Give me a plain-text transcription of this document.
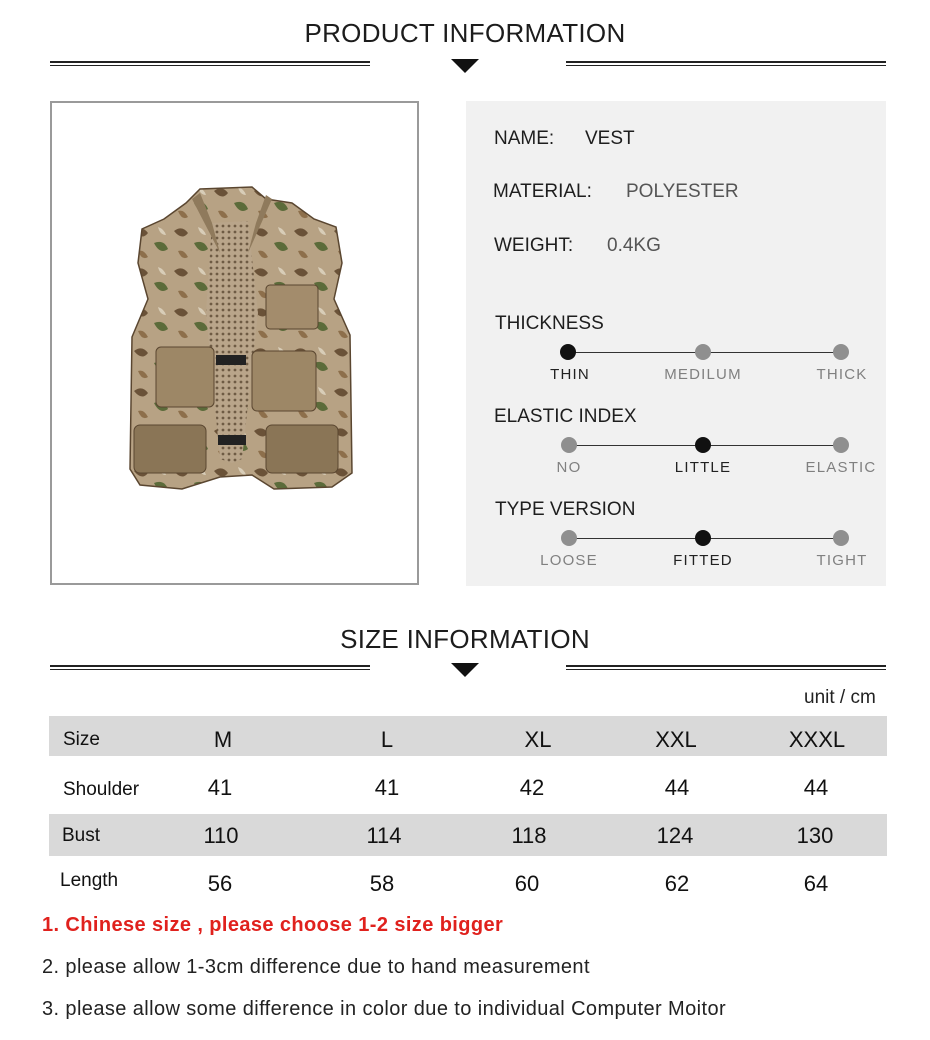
PRODUCT INFORMATION
NAME: VEST
MATERIAL: POLYESTER
WEIGHT: 0.4KG
THICKNESS
THIN	MEDILUM	THICK
ELASTIC INDEX
NO	LITTLE	ELASTIC
TYPE VERSION
LOOSE	FITTED	TIGHT
SIZE INFORMATION
unit / cm
Size	M	L	XL	XXL	XXXL
Shoulder	41	41	42	44	44
Bust	110	114	118	124	130
Length	56	58	60	62	64
1. Chinese size , please choose 1-2 size bigger
2. please allow 1-3cm difference due to hand measurement
3. please allow some difference in color due to individual Computer Moitor
